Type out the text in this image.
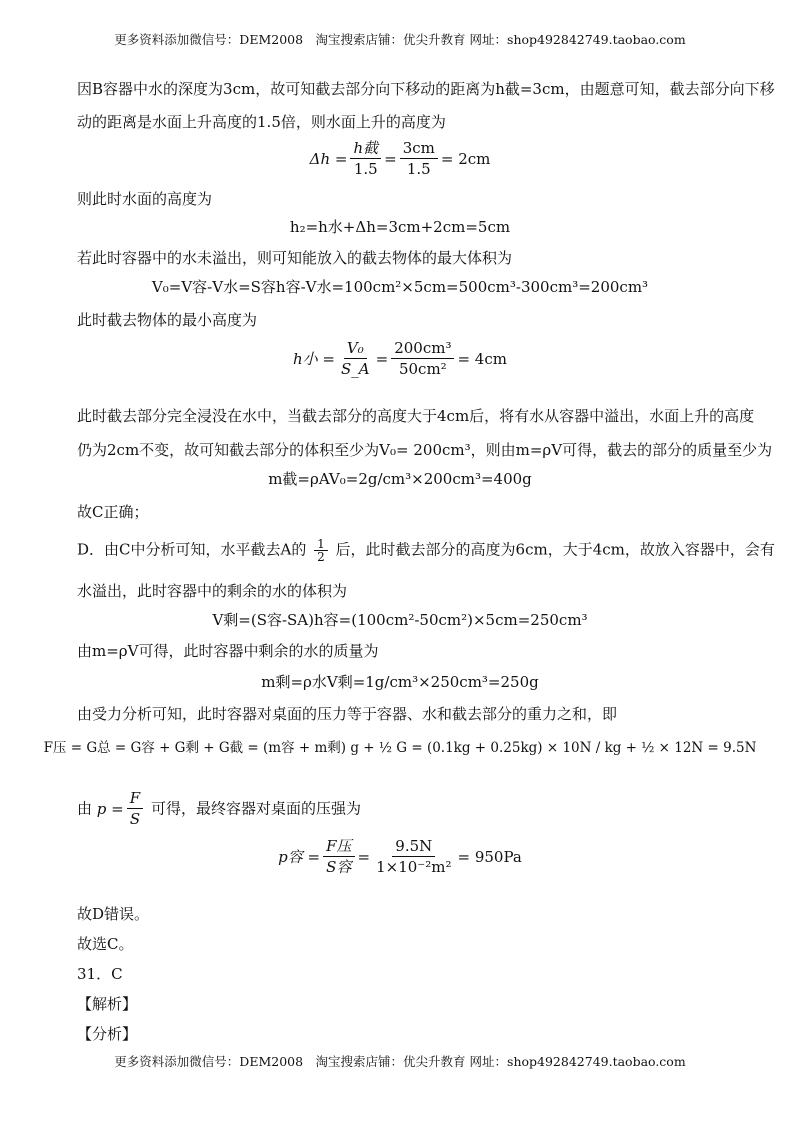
更多资料添加微信号：DEM2008　淘宝搜索店铺：优尖升教育 网址：shop492842749.taobao.com
因B容器中水的深度为3cm，故可知截去部分向下移动的距离为h截=3cm，由题意可知，截去部分向下移
动的距离是水面上升高度的1.5倍，则水面上升的高度为
$\Delta h = \frac{\text{h截}}{1.5} = \frac{3cm}{1.5} = 2cm$
则此时水面的高度为
h₂=h水+Δh=3cm+2cm=5cm
若此时容器中的水未溢出，则可知能放入的截去物体的最大体积为
V₀=V容-V水=S容h容-V水=100cm²×5cm=500cm³-300cm³=200cm³
此时截去物体的最小高度为
h小 = $\frac{\text{V₀}}{S\_A} = \frac{\text{200cm³}}{\text{50cm²}} = 4cm$
此时截去部分完全浸没在水中，当截去部分的高度大于4cm后，将有水从容器中溢出，水面上升的高度
仍为2cm不变，故可知截去部分的体积至少为V₀= 200cm³，则由m=ρV可得，截去的部分的质量至少为
m截=ρAV₀=2g/cm³×200cm³=400g
故C正确；
D．由C中分析可知，水平截去A的 $\frac{1}{2}$ 后，此时截去部分的高度为6cm，大于4cm，故放入容器中，会有
水溢出，此时容器中的剩余的水的体积为
V剩=(S容-SA)h容=(100cm²-50cm²)×5cm=250cm³
由m=ρV可得，此时容器中剩余的水的质量为
m剩=ρ水V剩=1g/cm³×250cm³=250g
由受力分析可知，此时容器对桌面的压力等于容器、水和截去部分的重力之和，即
F压 = G总 = G容 + G剩 + G截 = (m容 + m剩) g + ½ G = (0.1kg + 0.25kg) × 10N / kg + ½ × 12N = 9.5N
由 $p = \frac{F}{S}$ 可得，最终容器对桌面的压强为
p容 = $\frac{\text{F压}}{\text{S容}} = \frac{9.5N}{\text{1×10⁻²m²}} = 950Pa$
故D错误。
故选C。
31．C
【解析】
【分析】
更多资料添加微信号：DEM2008　淘宝搜索店铺：优尖升教育 网址：shop492842749.taobao.com
